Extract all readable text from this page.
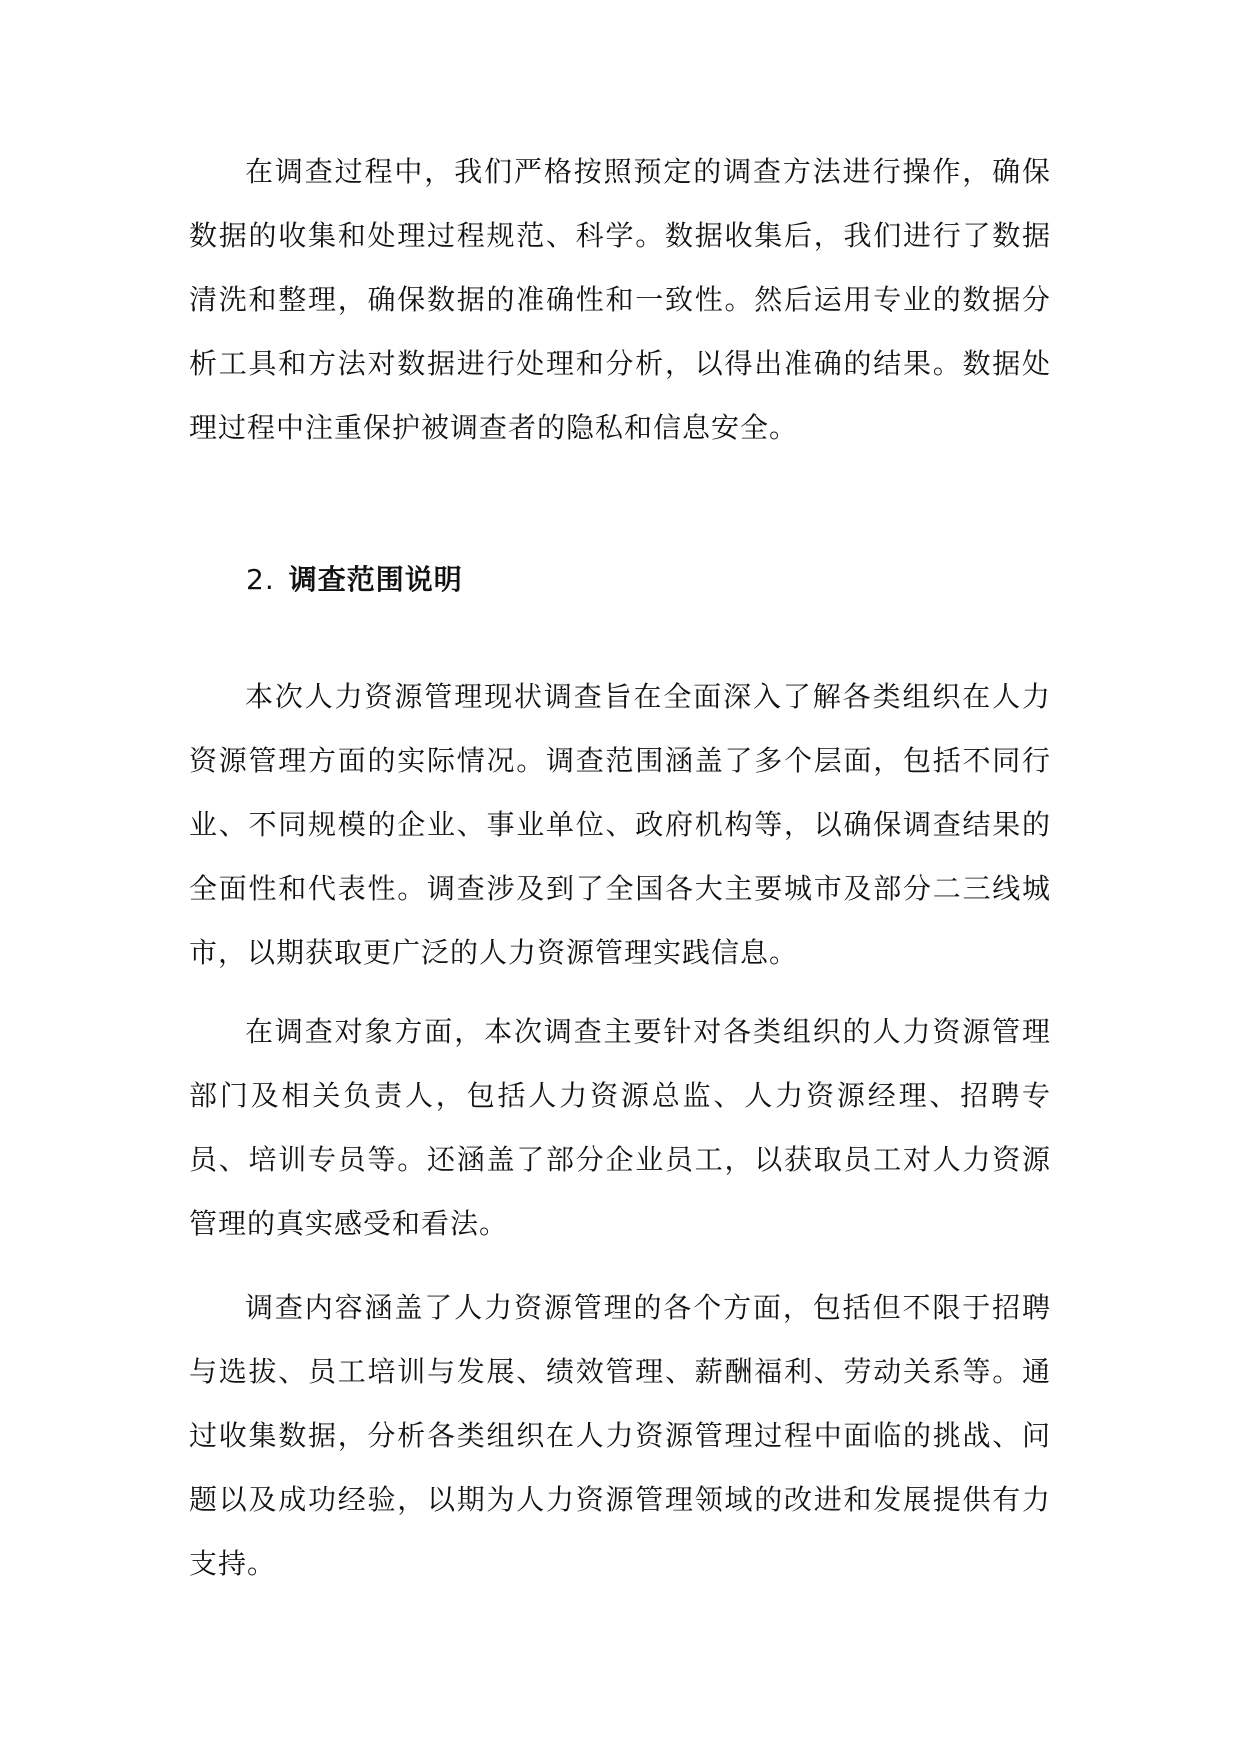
在调查过程中，我们严格按照预定的调查方法进行操作，确保数据的收集和处理过程规范、科学。数据收集后，我们进行了数据清洗和整理，确保数据的准确性和一致性。然后运用专业的数据分析工具和方法对数据进行处理和分析，以得出准确的结果。数据处理过程中注重保护被调查者的隐私和信息安全。

2. 调查范围说明

本次人力资源管理现状调查旨在全面深入了解各类组织在人力资源管理方面的实际情况。调查范围涵盖了多个层面，包括不同行业、不同规模的企业、事业单位、政府机构等，以确保调查结果的全面性和代表性。调查涉及到了全国各大主要城市及部分二三线城市，以期获取更广泛的人力资源管理实践信息。

在调查对象方面，本次调查主要针对各类组织的人力资源管理部门及相关负责人，包括人力资源总监、人力资源经理、招聘专员、培训专员等。还涵盖了部分企业员工，以获取员工对人力资源管理的真实感受和看法。

调查内容涵盖了人力资源管理的各个方面，包括但不限于招聘与选拔、员工培训与发展、绩效管理、薪酬福利、劳动关系等。通过收集数据，分析各类组织在人力资源管理过程中面临的挑战、问题以及成功经验，以期为人力资源管理领域的改进和发展提供有力支持。
